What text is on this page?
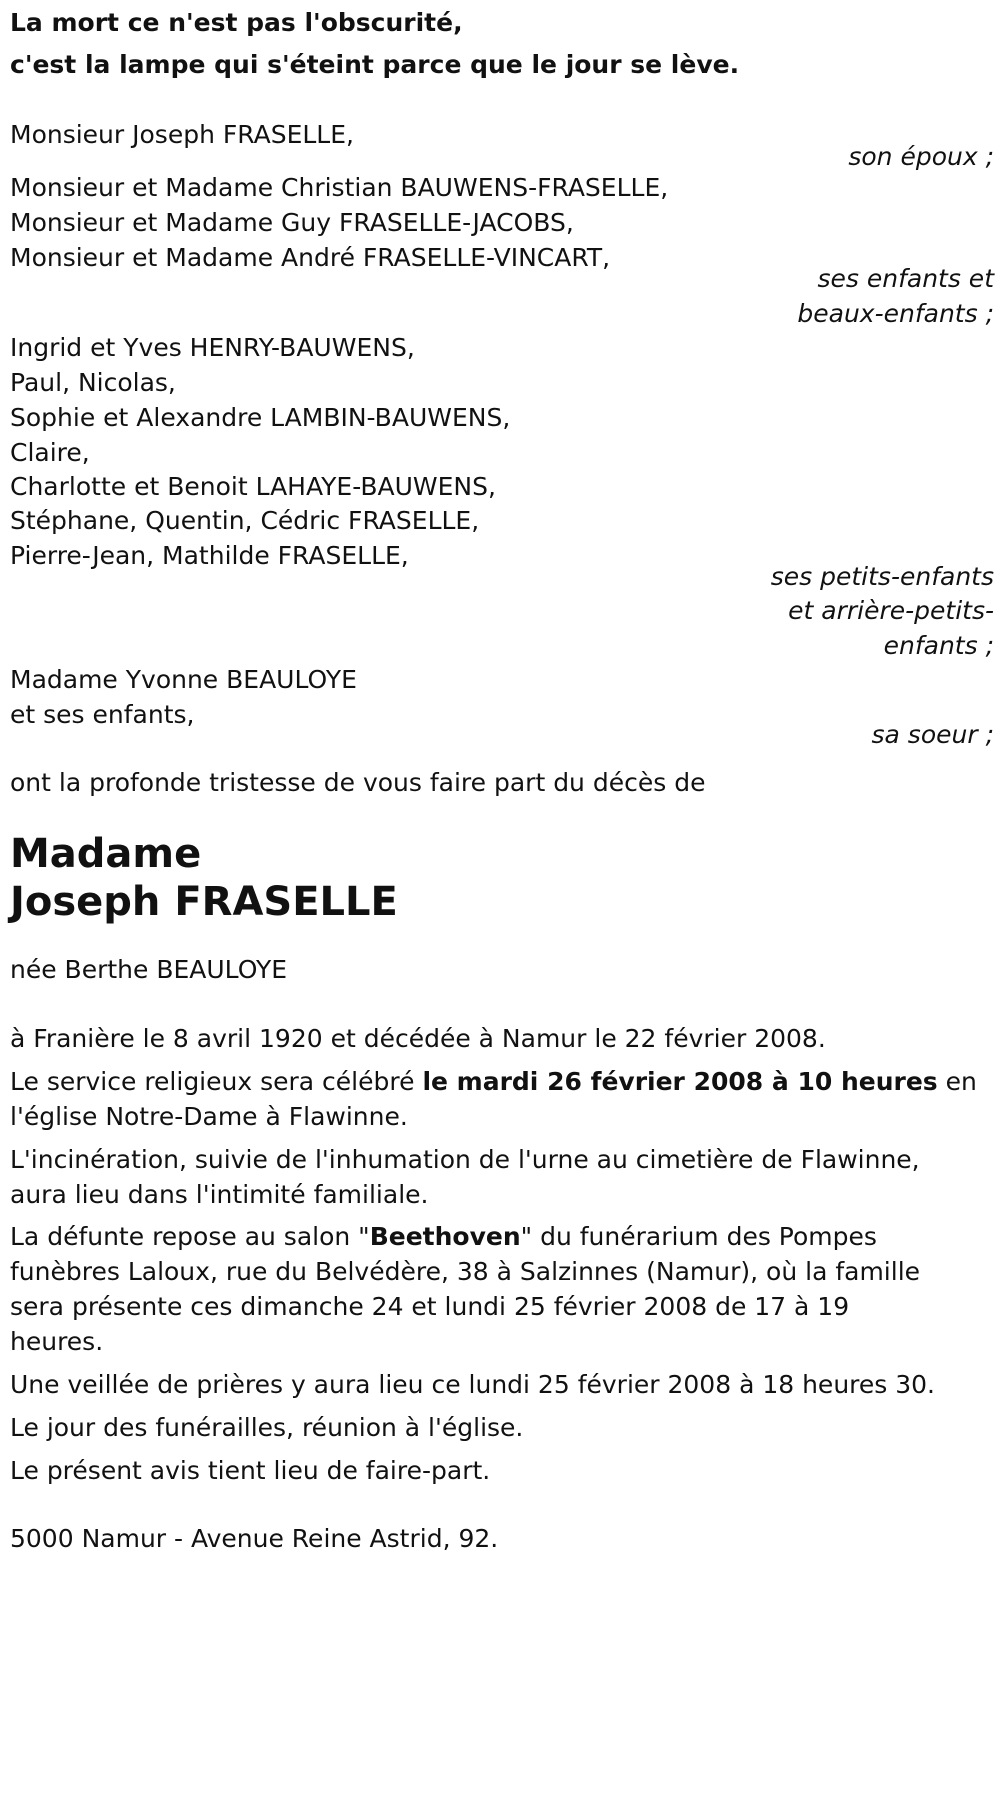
La mort ce n'est pas l'obscurité,
c'est la lampe qui s'éteint parce que le jour se lève.
Monsieur Joseph FRASELLE,
son époux ;
Monsieur et Madame Christian BAUWENS-FRASELLE,
Monsieur et Madame Guy FRASELLE-JACOBS,
Monsieur et Madame André FRASELLE-VINCART,
ses enfants et
beaux-enfants ;
Ingrid et Yves HENRY-BAUWENS,
Paul, Nicolas,
Sophie et Alexandre LAMBIN-BAUWENS,
Claire,
Charlotte et Benoit LAHAYE-BAUWENS,
Stéphane, Quentin, Cédric FRASELLE,
Pierre-Jean, Mathilde FRASELLE,
ses petits-enfants
et arrière-petits-
enfants ;
Madame Yvonne BEAULOYE
et ses enfants,
sa soeur ;
ont la profonde tristesse de vous faire part du décès de
Madame
Joseph FRASELLE
née Berthe BEAULOYE
à Franière le 8 avril 1920 et décédée à Namur le 22 février 2008.
Le service religieux sera célébré le mardi 26 février 2008 à 10 heures en
l'église Notre-Dame à Flawinne.
L'incinération, suivie de l'inhumation de l'urne au cimetière de Flawinne,
aura lieu dans l'intimité familiale.
La défunte repose au salon "Beethoven" du funérarium des Pompes
funèbres Laloux, rue du Belvédère, 38 à Salzinnes (Namur), où la famille
sera présente ces dimanche 24 et lundi 25 février 2008 de 17 à 19
heures.
Une veillée de prières y aura lieu ce lundi 25 février 2008 à 18 heures 30.
Le jour des funérailles, réunion à l'église.
Le présent avis tient lieu de faire-part.
5000 Namur - Avenue Reine Astrid, 92.
